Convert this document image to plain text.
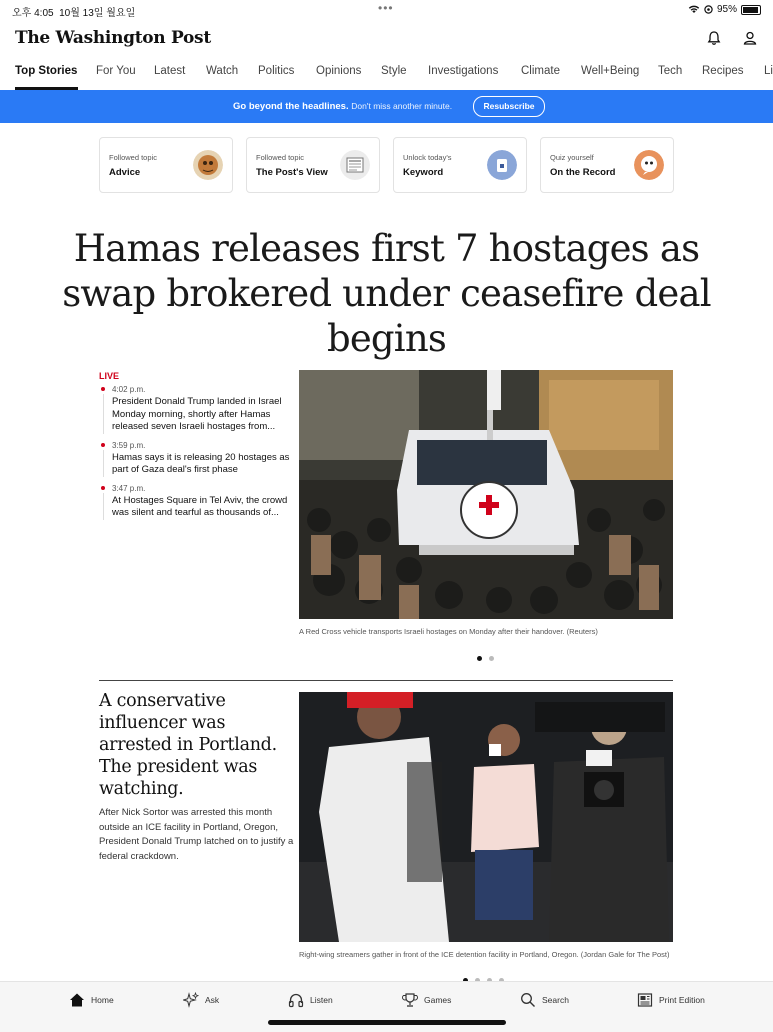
오후 4:05 10월 13일 월요일	•••	95%
The Washington Post
Top Stories For You Latest Watch Politics Opinions Style Investigations Climate Well+Being Tech Recipes Li
Go beyond the headlines. Don't miss another minute.	Resubscribe
Followed topic
Advice
Followed topic
The Post's View
Unlock today's
Keyword
Quiz yourself
On the Record
Hamas releases first 7 hostages as swap brokered under ceasefire deal begins
LIVE
4:02 p.m.
President Donald Trump landed in Israel Monday morning, shortly after Hamas released seven Israeli hostages from...
3:59 p.m.
Hamas says it is releasing 20 hostages as part of Gaza deal's first phase
3:47 p.m.
At Hostages Square in Tel Aviv, the crowd was silent and tearful as thousands of...
A Red Cross vehicle transports Israeli hostages on Monday after their handover. (Reuters)
A conservative influencer was arrested in Portland. The president was watching.
After Nick Sortor was arrested this month outside an ICE facility in Portland, Oregon, President Donald Trump latched on to justify a federal crackdown.
Right-wing streamers gather in front of the ICE detention facility in Portland, Oregon. (Jordan Gale for The Post)
Home	Ask	Listen	Games	Search	Print Edition
